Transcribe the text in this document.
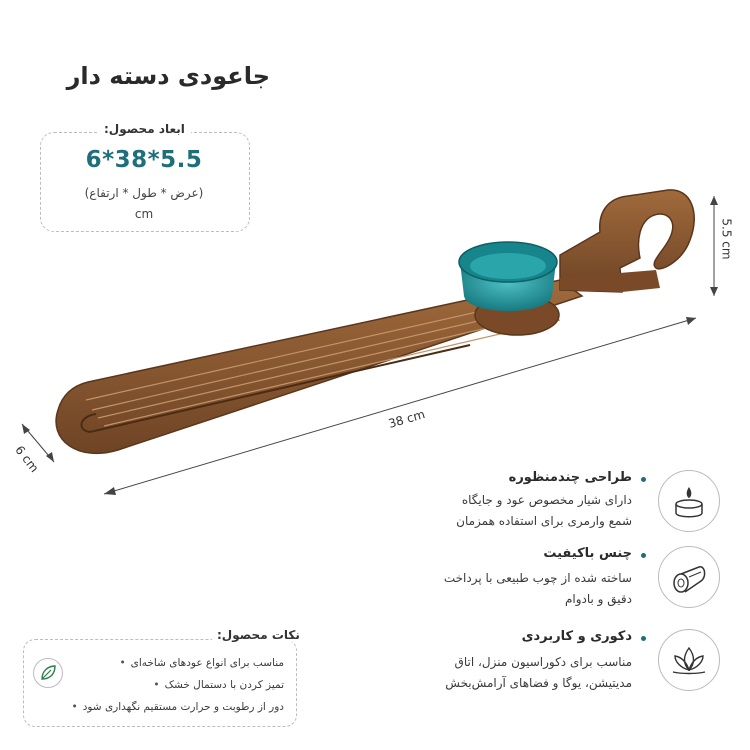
38 cm
6 cm
5.5 cm
جاعودی دسته دار
ابعاد محصول:
6*38*5.5
(عرض * طول * ارتفاع)
cm
طراحی چندمنظوره
دارای شیار مخصوص عود و جایگاه
شمع وارمری برای استفاده همزمان
چنس باکیفیت
ساخته شده از چوب طبیعی با پرداخت
دقیق و بادوام
دکوری و کاربردی
مناسب برای دکوراسیون منزل، اتاق
مدیتیشن، یوگا و فضاهای آرامش‌بخش
نکات محصول:
مناسب برای انواع عودهای شاخه‌ای •
تمیز کردن با دستمال خشک •
دور از رطوبت و حرارت مستقیم نگهداری شود •
